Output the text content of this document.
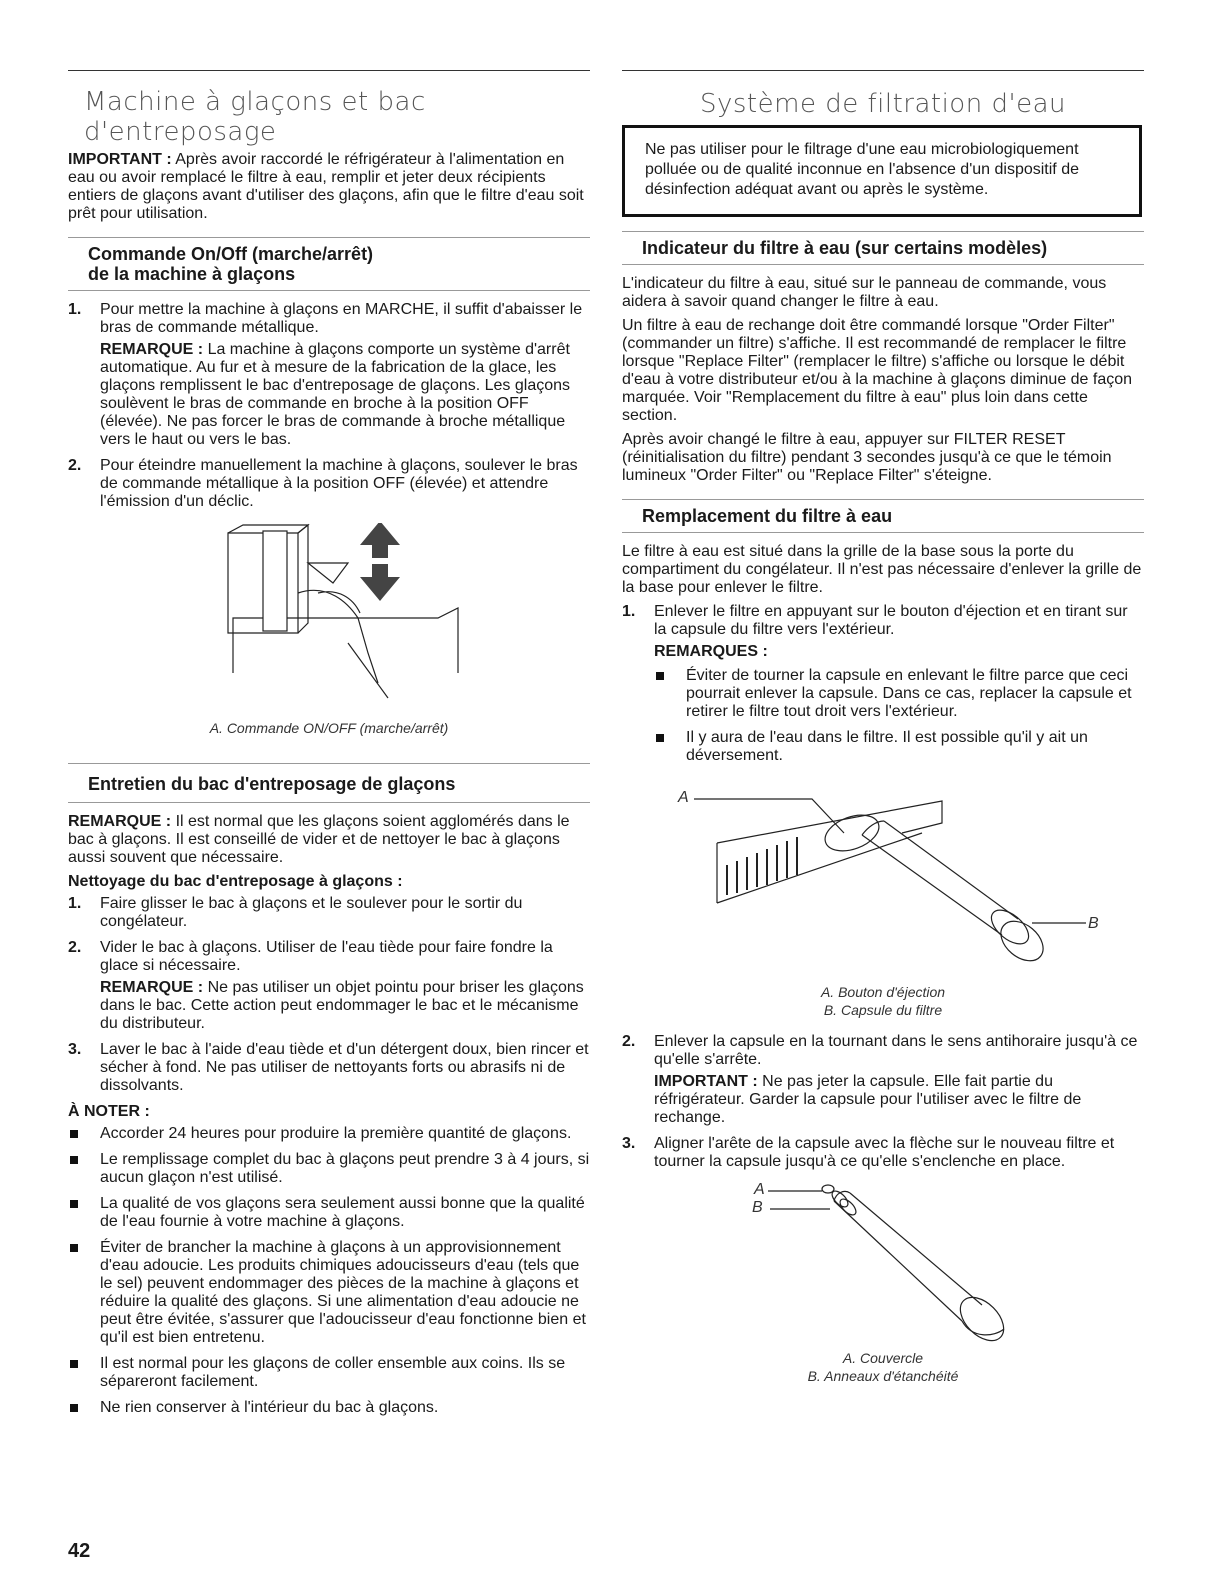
Machine à glaçons et bac d'entreposage

IMPORTANT : Après avoir raccordé le réfrigérateur à l'alimentation en eau ou avoir remplacé le filtre à eau, remplir et jeter deux récipients entiers de glaçons avant d'utiliser des glaçons, afin que le filtre d'eau soit prêt pour utilisation.

Commande On/Off (marche/arrêt)
de la machine à glaçons
1. Pour mettre la machine à glaçons en MARCHE, il suffit d'abaisser le bras de commande métallique.
REMARQUE : La machine à glaçons comporte un système d'arrêt automatique. Au fur et à mesure de la fabrication de la glace, les glaçons remplissent le bac d'entreposage de glaçons. Les glaçons soulèvent le bras de commande en broche à la position OFF (élevée). Ne pas forcer le bras de commande à broche métallique vers le haut ou vers le bas.
2. Pour éteindre manuellement la machine à glaçons, soulever le bras de commande métallique à la position OFF (élevée) et attendre l'émission d'un déclic.
A. Commande ON/OFF (marche/arrêt)
Entretien du bac d'entreposage de glaçons

REMARQUE : Il est normal que les glaçons soient agglomérés dans le bac à glaçons. Il est conseillé de vider et de nettoyer le bac à glaçons aussi souvent que nécessaire.

Nettoyage du bac d'entreposage à glaçons :

1. Faire glisser le bac à glaçons et le soulever pour le sortir du congélateur.
2. Vider le bac à glaçons. Utiliser de l'eau tiède pour faire fondre la glace si nécessaire.
REMARQUE : Ne pas utiliser un objet pointu pour briser les glaçons dans le bac. Cette action peut endommager le bac et le mécanisme du distributeur.
3. Laver le bac à l'aide d'eau tiède et d'un détergent doux, bien rincer et sécher à fond. Ne pas utiliser de nettoyants forts ou abrasifs ni de dissolvants.

À NOTER :

Accorder 24 heures pour produire la première quantité de glaçons.
Le remplissage complet du bac à glaçons peut prendre 3 à 4 jours, si aucun glaçon n'est utilisé.
La qualité de vos glaçons sera seulement aussi bonne que la qualité de l'eau fournie à votre machine à glaçons.
Éviter de brancher la machine à glaçons à un approvisionnement d'eau adoucie. Les produits chimiques adoucisseurs d'eau (tels que le sel) peuvent endommager des pièces de la machine à glaçons et réduire la qualité des glaçons. Si une alimentation d'eau adoucie ne peut être évitée, s'assurer que l'adoucisseur d'eau fonctionne bien et qu'il est bien entretenu.
Il est normal pour les glaçons de coller ensemble aux coins. Ils se sépareront facilement.
Ne rien conserver à l'intérieur du bac à glaçons.
Système de filtration d'eau
Ne pas utiliser pour le filtrage d'une eau microbiologiquement polluée ou de qualité inconnue en l'absence d'un dispositif de désinfection adéquat avant ou après le système.
Indicateur du filtre à eau (sur certains modèles)

L'indicateur du filtre à eau, situé sur le panneau de commande, vous aidera à savoir quand changer le filtre à eau.

Un filtre à eau de rechange doit être commandé lorsque "Order Filter" (commander un filtre) s'affiche. Il est recommandé de remplacer le filtre lorsque "Replace Filter" (remplacer le filtre) s'affiche ou lorsque le débit d'eau à votre distributeur et/ou à la machine à glaçons diminue de façon marquée. Voir "Remplacement du filtre à eau" plus loin dans cette section.

Après avoir changé le filtre à eau, appuyer sur FILTER RESET (réinitialisation du filtre) pendant 3 secondes jusqu'à ce que le témoin lumineux "Order Filter" ou "Replace Filter" s'éteigne.

Remplacement du filtre à eau

Le filtre à eau est situé dans la grille de la base sous la porte du compartiment du congélateur. Il n'est pas nécessaire d'enlever la grille de la base pour enlever le filtre.

1. Enlever le filtre en appuyant sur le bouton d'éjection et en tirant sur la capsule du filtre vers l'extérieur.
REMARQUES :
Éviter de tourner la capsule en enlevant le filtre parce que ceci pourrait enlever la capsule. Dans ce cas, replacer la capsule et retirer le filtre tout droit vers l'extérieur.
Il y aura de l'eau dans le filtre. Il est possible qu'il y ait un déversement.
A
B
A. Bouton d'éjection
B. Capsule du filtre
2. Enlever la capsule en la tournant dans le sens antihoraire jusqu'à ce qu'elle s'arrête.
IMPORTANT : Ne pas jeter la capsule. Elle fait partie du réfrigérateur. Garder la capsule pour l'utiliser avec le filtre de rechange.
3. Aligner l'arête de la capsule avec la flèche sur le nouveau filtre et tourner la capsule jusqu'à ce qu'elle s'enclenche en place.
A
B
A. Couvercle
B. Anneaux d'étanchéité
42
